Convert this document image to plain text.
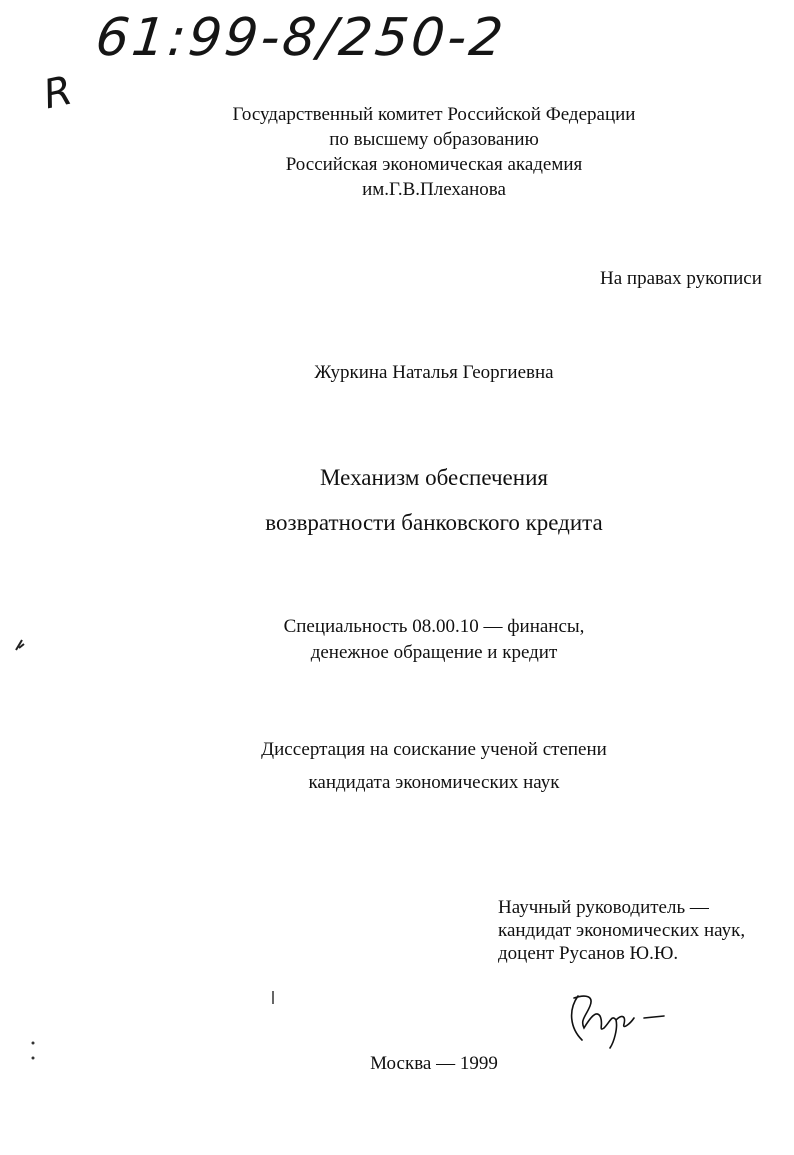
61:99-8/250-2
R	Государственный комитет Российской Федерации
по высшему образованию
Российская экономическая академия
им.Г.В.Плеханова
На правах рукописи
Журкина Наталья Георгиевна
Механизм обеспечения
возвратности банковского кредита
Специальность 08.00.10 — финансы,
денежное обращение и кредит
Диссертация на соискание ученой степени
кандидата экономических наук
Научный руководитель —
кандидат экономических наук,
доцент Русанов Ю.Ю.
Москва — 1999
